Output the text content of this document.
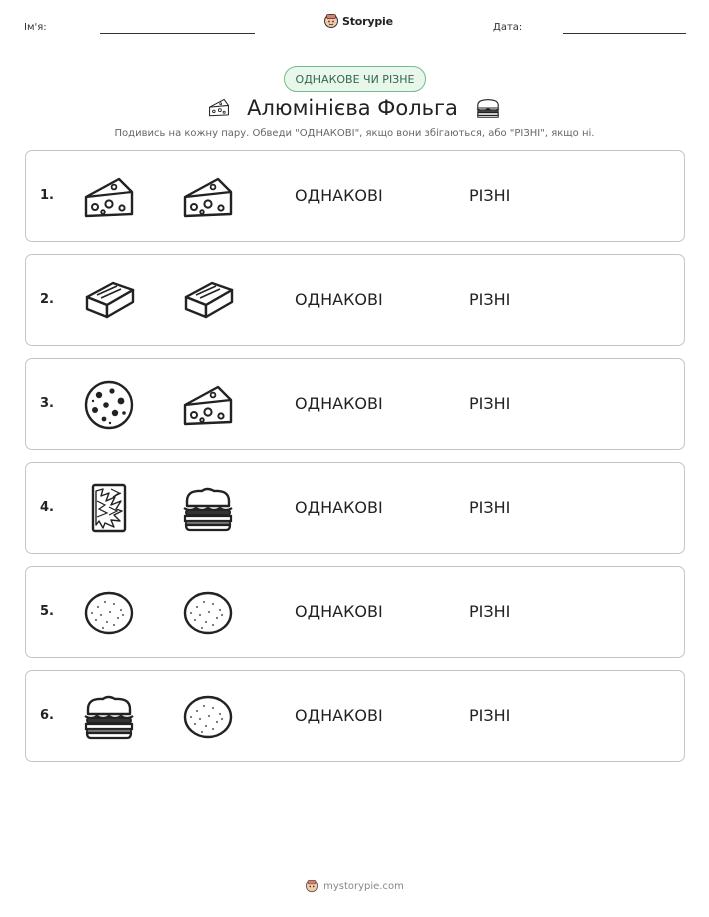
Ім'я:	Storypie	Дата:
ОДНАКОВЕ ЧИ РІЗНЕ
Алюмінієва Фольга
Подивись на кожну пару. Обведи "ОДНАКОВІ", якщо вони збігаються, або "РІЗНІ", якщо ні.
1.	ОДНАКОВІ	РІЗНІ
2.	ОДНАКОВІ	РІЗНІ
3.	ОДНАКОВІ	РІЗНІ
4.	ОДНАКОВІ	РІЗНІ
5.	ОДНАКОВІ	РІЗНІ
6.	ОДНАКОВІ	РІЗНІ
mystorypie.com
